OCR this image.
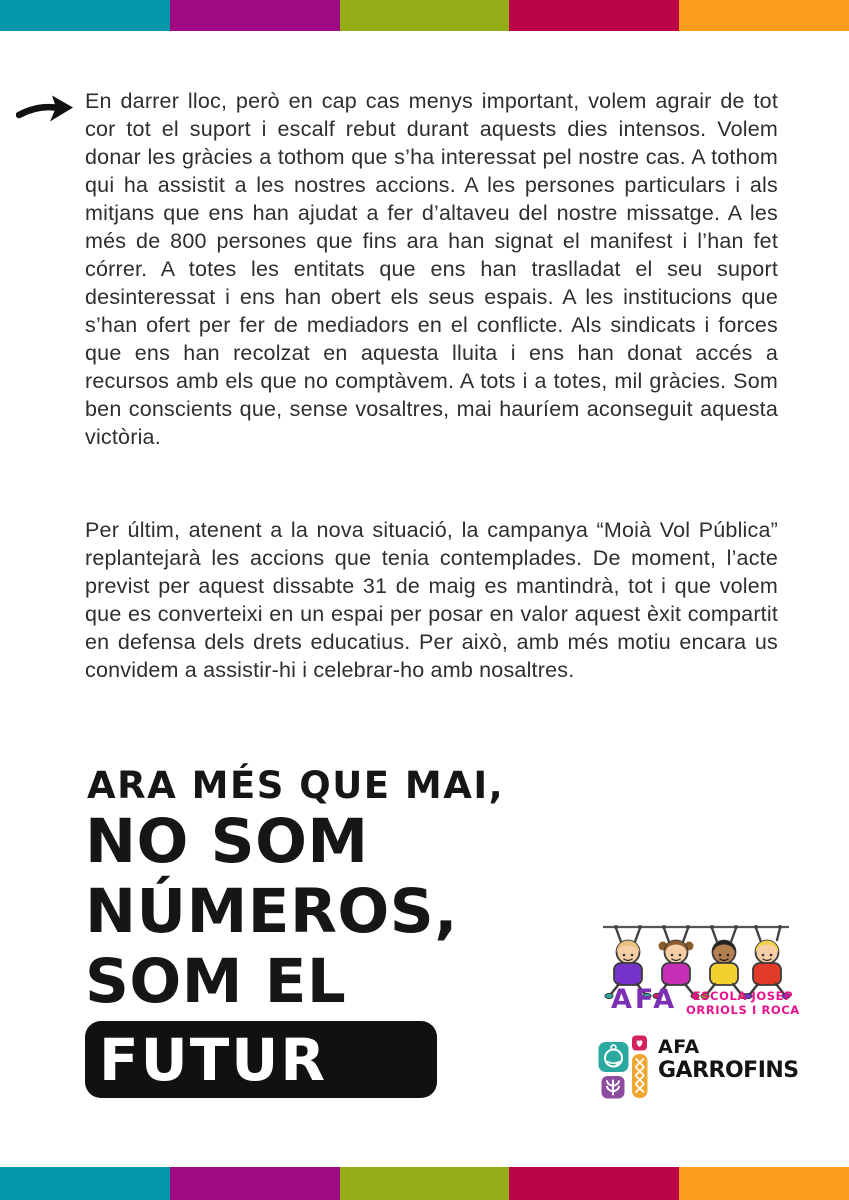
En darrer lloc, però en cap cas menys important, volem agrair de tot cor tot el suport i escalf rebut durant aquests dies intensos. Volem donar les gràcies a tothom que s’ha interessat pel nostre cas. A tothom qui ha assistit a les nostres accions. A les persones particulars i als mitjans que ens han ajudat a fer d’altaveu del nostre missatge. A les més de 800 persones que fins ara han signat el manifest i l’han fet córrer. A totes les entitats que ens han traslladat el seu suport desinteressat i ens han obert els seus espais. A les institucions que s’han ofert per fer de mediadors en el conflicte. Als sindicats i forces que ens han recolzat en aquesta lluita i ens han donat accés a recursos amb els que no comptàvem. A tots i a totes, mil gràcies. Som ben conscients que, sense vosaltres, mai hauríem aconseguit aquesta victòria.
Per últim, atenent a la nova situació, la campanya “Moià Vol Pública” replantejarà les accions que tenia contemplades. De moment, l’acte previst per aquest dissabte 31 de maig es mantindrà, tot i que volem que es converteixi en un espai per posar en valor aquest èxit compartit en defensa dels drets educatius. Per això, amb més motiu encara us convidem a assistir-hi i celebrar-ho amb nosaltres.
ARA MÉS QUE MAI,
NO SOM
NÚMEROS,
SOM EL
FUTUR
AFA	ESCOLA JOSEP
ORRIOLS I ROCA
AFA
GARROFINS
